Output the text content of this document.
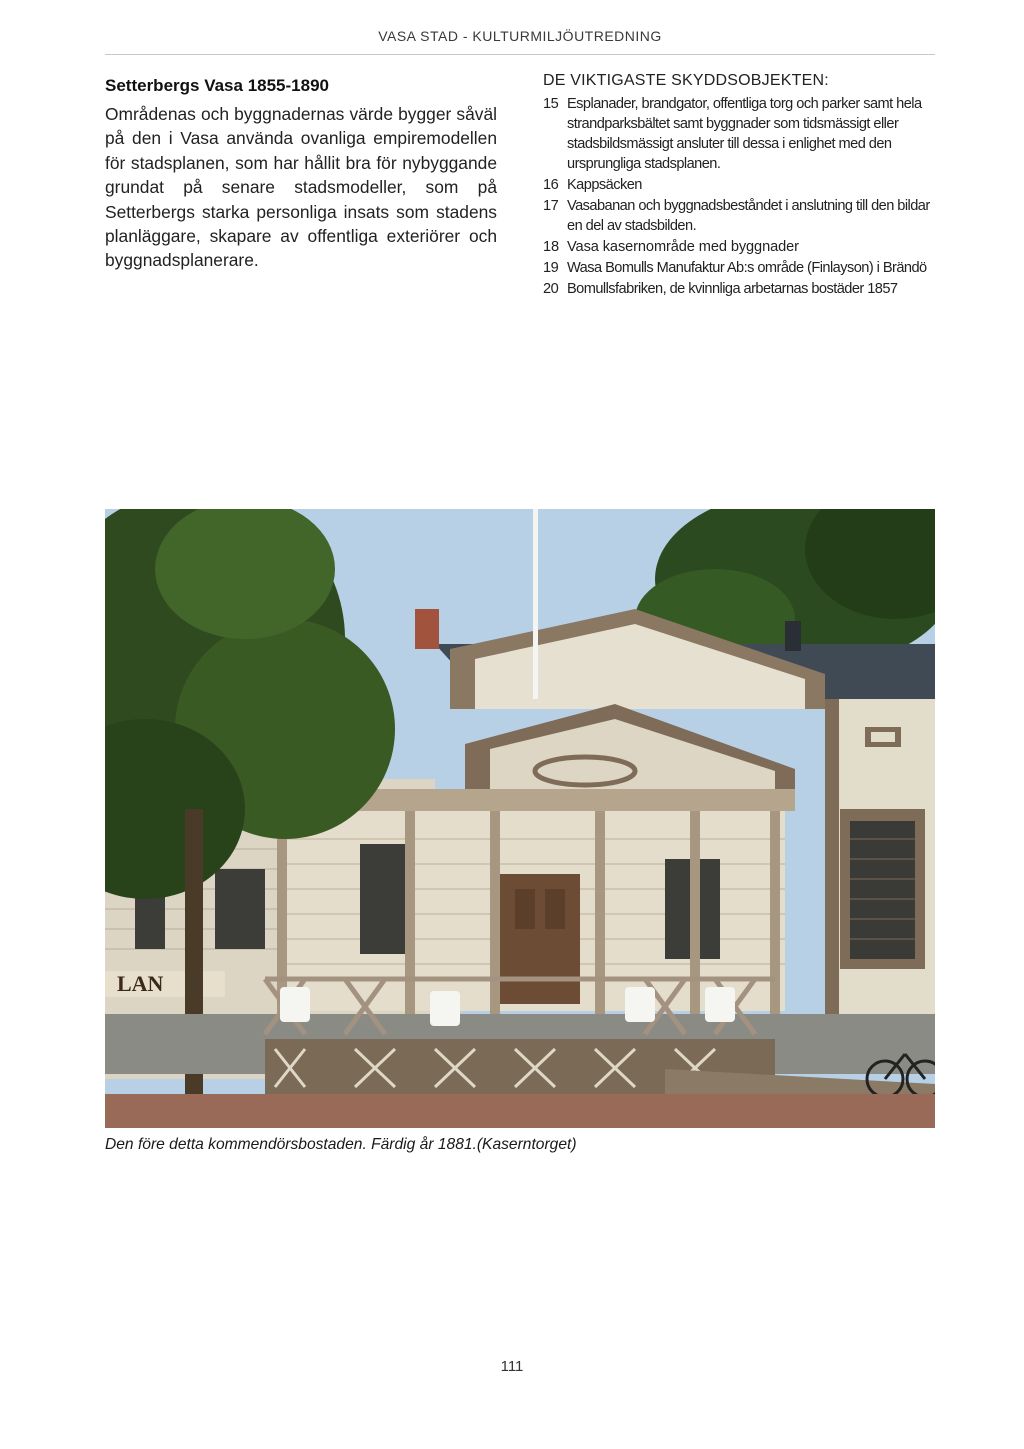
VASA STAD - KULTURMILJÖUTREDNING
Setterbergs Vasa 1855-1890

Områdenas och byggnadernas värde bygger såväl på den i Vasa använda ovanliga empiremodellen för stadsplanen, som har hållit bra för nybyggande grundat på senare stadsmodeller, som på Setterbergs starka personliga insats som stadens planläggare, skapare av offentliga exteriörer och byggnadsplanerare.

DE VIKTIGASTE SKYDDSOBJEKTEN:
15 Esplanader, brandgator, offentliga torg och parker samt hela strandparksbältet samt byggnader som tidsmässigt eller stadsbildsmässigt ansluter till dessa i enlighet med den ursprungliga stadsplanen.
16 Kappsäcken
17 Vasabanan och byggnadsbeståndet i anslutning till den bildar en del av stadsbilden.
18 Vasa kasernområde med byggnader
19 Wasa Bomulls Manufaktur Ab:s område (Finlayson) i Brändö
20 Bomullsfabriken, de kvinnliga arbetarnas bostäder 1857
LAN
Den före detta kommendörsbostaden. Färdig år 1881.(Kaserntorget)
111
